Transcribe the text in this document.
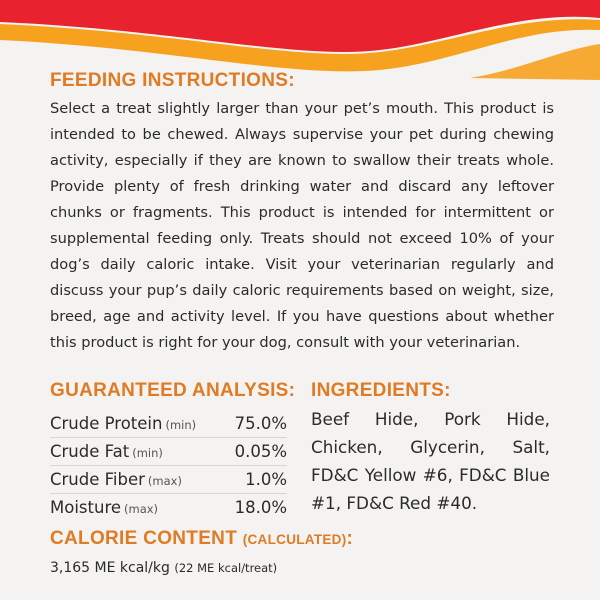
FEEDING INSTRUCTIONS:
Select a treat slightly larger than your pet’s mouth. This product is intended to be chewed. Always supervise your pet during chewing activity, especially if they are known to swallow their treats whole. Provide plenty of fresh drinking water and discard any leftover chunks or fragments. This product is intended for intermittent or supplemental feeding only. Treats should not exceed 10% of your dog’s daily caloric intake. Visit your veterinarian regularly and discuss your pup’s daily caloric requirements based on weight, size, breed, age and activity level. If you have questions about whether this product is right for your dog, consult with your veterinarian.
GUARANTEED ANALYSIS:
Crude Protein (min) 75.0%
Crude Fat (min)	0.05%
Crude Fiber (max)	1.0%
Moisture (max)	18.0%
INGREDIENTS:
Beef Hide, Pork Hide, Chicken, Glycerin, Salt, FD&C Yellow #6, FD&C Blue #1, FD&C Red #40.
CALORIE CONTENT (CALCULATED):
3,165 ME kcal/kg (22 ME kcal/treat)
